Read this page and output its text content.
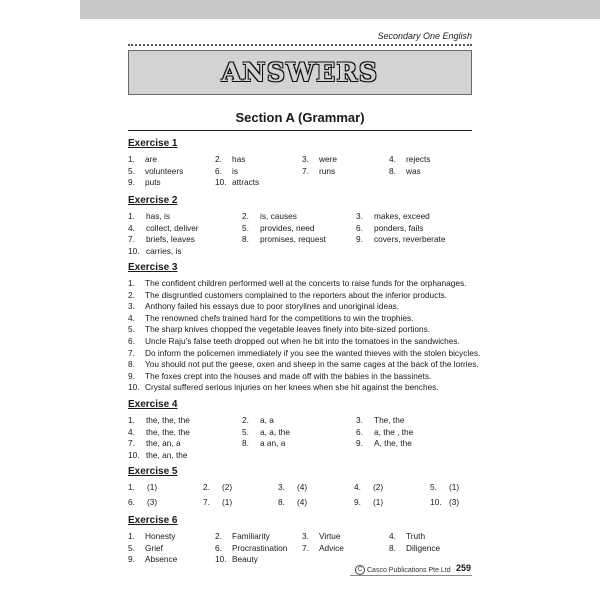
Secondary One English
ANSWERS
Section A (Grammar)
Exercise 1
1. are	2. has	3. were	4. rejects
5. volunteers	6. is	7. runs	8. was
9. puts	10. attracts
Exercise 2
1. has, is	2. is, causes	3. makes, exceed
4. collect, deliver	5. provides, need	6. ponders, fails
7. briefs, leaves	8. promises, request	9. covers, reverberate
10. carries, is
Exercise 3
1. The confident children performed well at the concerts to raise funds for the orphanages.
2. The disgruntled customers complained to the reporters about the inferior products.
3. Anthony failed his essays due to poor storylines and unoriginal ideas.
4. The renowned chefs trained hard for the competitions to win the trophies.
5. The sharp knives chopped the vegetable leaves finely into bite-sized portions.
6. Uncle Raju’s false teeth dropped out when he bit into the tomatoes in the sandwiches.
7. Do inform the policemen immediately if you see the wanted thieves with the stolen bicycles.
8. You should not put the geese, oxen and sheep in the same cages at the back of the lorries.
9. The foxes crept into the houses and made off with the babies in the bassinets.
10. Crystal suffered serious injuries on her knees when she hit against the benches.
Exercise 4
1. the, the, the	2. a, a	3. The, the
4. the, the, the	5. a, a, the	6. a, the , the
7. the, an, a	8. a an, a	9. A, the, the
10. the, an, the
Exercise 5
1. (1)	2. (2)	3. (4)	4. (2)	5. (1)
6. (3)	7. (1)	8. (4)	9. (1)	10. (3)
Exercise 6
1. Honesty	2. Familiarity	3. Virtue	4. Truth
5. Grief	6. Procrastination 7. Advice	8. Diligence
9. Absence	10. Beauty
C Casco Publications Pte Ltd 259
